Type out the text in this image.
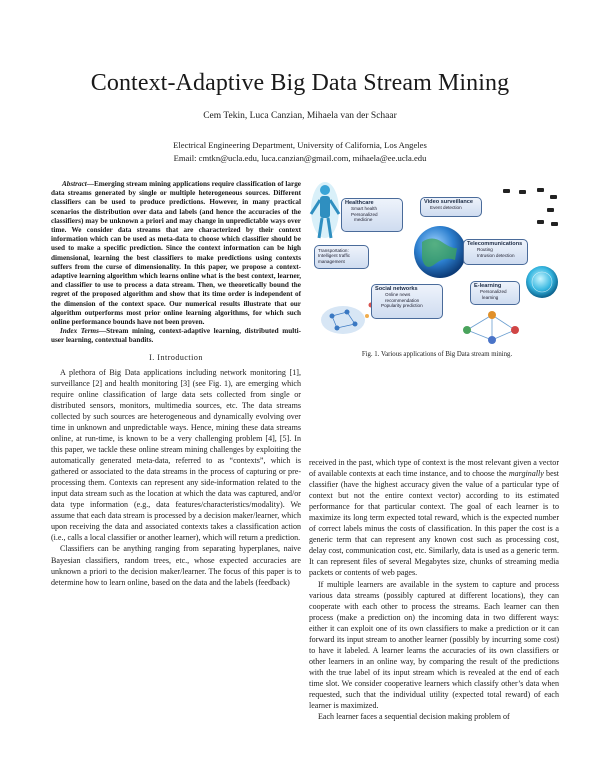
Context-Adaptive Big Data Stream Mining
Cem Tekin, Luca Canzian, Mihaela van der Schaar
Electrical Engineering Department, University of California, Los Angeles
Email: cmtkn@ucla.edu, luca.canzian@gmail.com, mihaela@ee.ucla.edu

Abstract—Emerging stream mining applications require classification of large data streams generated by single or multiple heterogeneous sources. Different classifiers can be used to produce predictions. However, in many practical scenarios the distribution over data and labels (and hence the accuracies of the classifiers) may be unknown a priori and may change in unpredictable ways over time. We consider data streams that are characterized by their context information which can be used as meta-data to choose which classifier should be used to make a specific prediction. Since the context information can be high dimensional, learning the best classifiers to make predictions using contexts suffers from the curse of dimensionality. In this paper, we propose a context-adaptive learning algorithm which learns online what is the best context, learner, and classifier to use to process a data stream. Then, we theoretically bound the regret of the proposed algorithm and show that its time order is independent of the dimension of the context space. Our numerical results illustrate that our algorithm outperforms most prior online learning algorithms, for which such online performance bounds have not been proven.

Index Terms—Stream mining, context-adaptive learning, distributed multi-user learning, contextual bandits.

I. Introduction

A plethora of Big Data applications including network monitoring [1], surveillance [2] and health monitoring [3] (see Fig. 1), are emerging which require online classification of large data sets collected from single or distributed sensors, monitors, multimedia sources, etc. The data streams collected by such sources are heterogeneous and dynamically evolving over time in unknown and unpredictable ways. Hence, mining these data streams online, at run-time, is known to be a very challenging problem [4], [5]. In this paper, we tackle these online stream mining challenges by exploiting the automatically generated meta-data, referred to as “contexts”, which is gathered or associated to the data streams in the process of capturing or pre-processing them. Contexts can represent any side-information related to the input data stream such as the location at which the data was captured, and/or data type information (e.g., data features/characteristics/modality). We assume that each data stream is processed by a decision maker/learner, which upon receiving the data and associated contexts takes a classification action (i.e., calls a local classifier or another learner), which will return a prediction.

Classifiers can be anything ranging from separating hyperplanes, naive Bayesian classifiers, random trees, etc., whose expected accuracies are unknown a priori to the decision maker/learner. The focus of this paper is to determine how to learn online, based on the data and the labels (feedback)

Healthcare
Smart health
Personalized
medicine
Video surveillance
Event detection
Transportation: Intelligent traffic management
Telecommunications
Routing
Intrusion detection
Social networks
Online news
recommendation
Popularity prediction
E-learning
Personalized
learning
Fig. 1. Various applications of Big Data stream mining.

received in the past, which type of context is the most relevant given a vector of available contexts at each time instance, and to choose the marginally best classifier (have the highest accuracy given the value of a particular type of context but not the entire context vector) according to its estimated performance for that particular context. The goal of each learner is to maximize its long term expected total reward, which is the expected number of correct labels minus the costs of classification. In this paper the cost is a generic term that can represent any known cost such as processing cost, delay cost, communication cost, etc. Similarly, data is used as a generic term. It can represent files of several Megabytes size, chunks of streaming media packets or contents of web pages.

If multiple learners are available in the system to capture and process various data streams (possibly captured at different locations), they can cooperate with each other to process the streams. Each learner can then process (make a prediction on) the incoming data in two different ways: either it can exploit one of its own classifiers to make a prediction or it can forward its input stream to another learner (possibly by incurring some cost) to have it labeled. A learner learns the accuracies of its own classifiers or other learners in an online way, by comparing the result of the predictions with the true label of its input stream which is revealed at the end of each time slot. We consider cooperative learners which classify other’s data when requested, such that the individual utility (expected total reward) of each learner is maximized.

Each learner faces a sequential decision making problem of
